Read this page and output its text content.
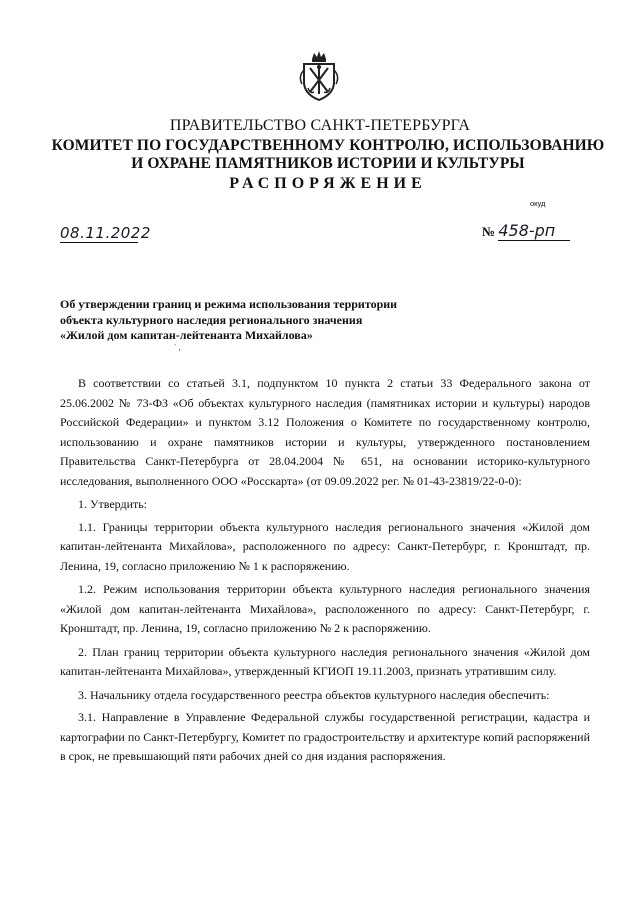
ПРАВИТЕЛЬСТВО САНКТ-ПЕТЕРБУРГА
КОМИТЕТ ПО ГОСУДАРСТВЕННОМУ КОНТРОЛЮ, ИСПОЛЬЗОВАНИЮ
И ОХРАНЕ ПАМЯТНИКОВ ИСТОРИИ И КУЛЬТУРЫ
РАСПОРЯЖЕНИЕ
окуд
08.11.2022	№ 458-рп
Об утверждении границ и режима использования территории
объекта культурного наследия регионального значения
«Жилой дом капитан-лейтенанта Михайлова»
` ,

В соответствии со статьей 3.1, подпунктом 10 пункта 2 статьи 33 Федерального закона от 25.06.2002 № 73-ФЗ «Об объектах культурного наследия (памятниках истории и культуры) народов Российской Федерации» и пунктом 3.12 Положения о Комитете по государственному контролю, использованию и охране памятников истории и культуры, утвержденного постановлением Правительства Санкт-Петербурга от 28.04.2004 № 651, на основании историко-культурного исследования, выполненного ООО «Росскарта» (от 09.09.2022 рег. № 01-43-23819/22-0-0):

1. Утвердить:

1.1. Границы территории объекта культурного наследия регионального значения «Жилой дом капитан-лейтенанта Михайлова», расположенного по адресу: Санкт-Петербург, г. Кронштадт, пр. Ленина, 19, согласно приложению № 1 к распоряжению.

1.2. Режим использования территории объекта культурного наследия регионального значения «Жилой дом капитан-лейтенанта Михайлова», расположенного по адресу: Санкт-Петербург, г. Кронштадт, пр. Ленина, 19, согласно приложению № 2 к распоряжению.

2. План границ территории объекта культурного наследия регионального значения «Жилой дом капитан-лейтенанта Михайлова», утвержденный КГИОП 19.11.2003, признать утратившим силу.

3. Начальнику отдела государственного реестра объектов культурного наследия обеспечить:

3.1. Направление в Управление Федеральной службы государственной регистрации, кадастра и картографии по Санкт-Петербургу, Комитет по градостроительству и архитектуре копий распоряжений в срок, не превышающий пяти рабочих дней со дня издания распоряжения.
